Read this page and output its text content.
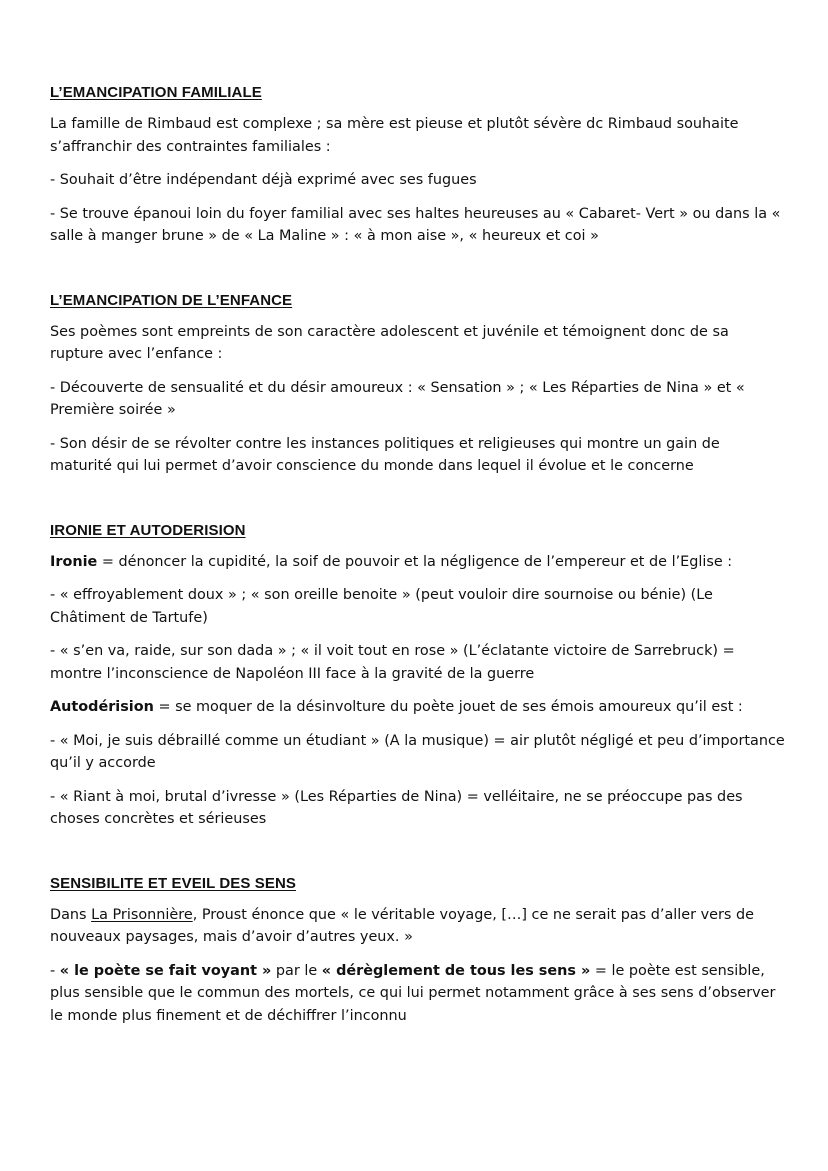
L’EMANCIPATION FAMILIALE
La famille de Rimbaud est complexe ; sa mère est pieuse et plutôt sévère dc Rimbaud souhaite s’affranchir des contraintes familiales :
- Souhait d’être indépendant déjà exprimé avec ses fugues
- Se trouve épanoui loin du foyer familial avec ses haltes heureuses au « Cabaret- Vert » ou dans la « salle à manger brune » de « La Maline » : « à mon aise », « heureux et coi »
L’EMANCIPATION DE L’ENFANCE
Ses poèmes sont empreints de son caractère adolescent et juvénile et témoignent donc de sa rupture avec l’enfance :
- Découverte de sensualité et du désir amoureux : « Sensation » ; « Les Réparties de Nina » et « Première soirée »
- Son désir de se révolter contre les instances politiques et religieuses qui montre un gain de maturité qui lui permet d’avoir conscience du monde dans lequel il évolue et le concerne
IRONIE ET AUTODERISION
Ironie = dénoncer la cupidité, la soif de pouvoir et la négligence de l’empereur et de l’Eglise :
- « effroyablement doux » ; « son oreille benoite » (peut vouloir dire sournoise ou bénie) (Le Châtiment de Tartufe)
- « s’en va, raide, sur son dada » ; « il voit tout en rose » (L’éclatante victoire de Sarrebruck) = montre l’inconscience de Napoléon III face à la gravité de la guerre
Autodérision = se moquer de la désinvolture du poète jouet de ses émois amoureux qu’il est :
- « Moi, je suis débraillé comme un étudiant » (A la musique) = air plutôt négligé et peu d’importance qu’il y accorde
- « Riant à moi, brutal d’ivresse » (Les Réparties de Nina) = velléitaire, ne se préoccupe pas des choses concrètes et sérieuses
SENSIBILITE ET EVEIL DES SENS
Dans La Prisonnière, Proust énonce que « le véritable voyage, […] ce ne serait pas d’aller vers de nouveaux paysages, mais d’avoir d’autres yeux. »
- « le poète se fait voyant » par le « dérèglement de tous les sens » = le poète est sensible, plus sensible que le commun des mortels, ce qui lui permet notamment grâce à ses sens d’observer le monde plus finement et de déchiffrer l’inconnu
